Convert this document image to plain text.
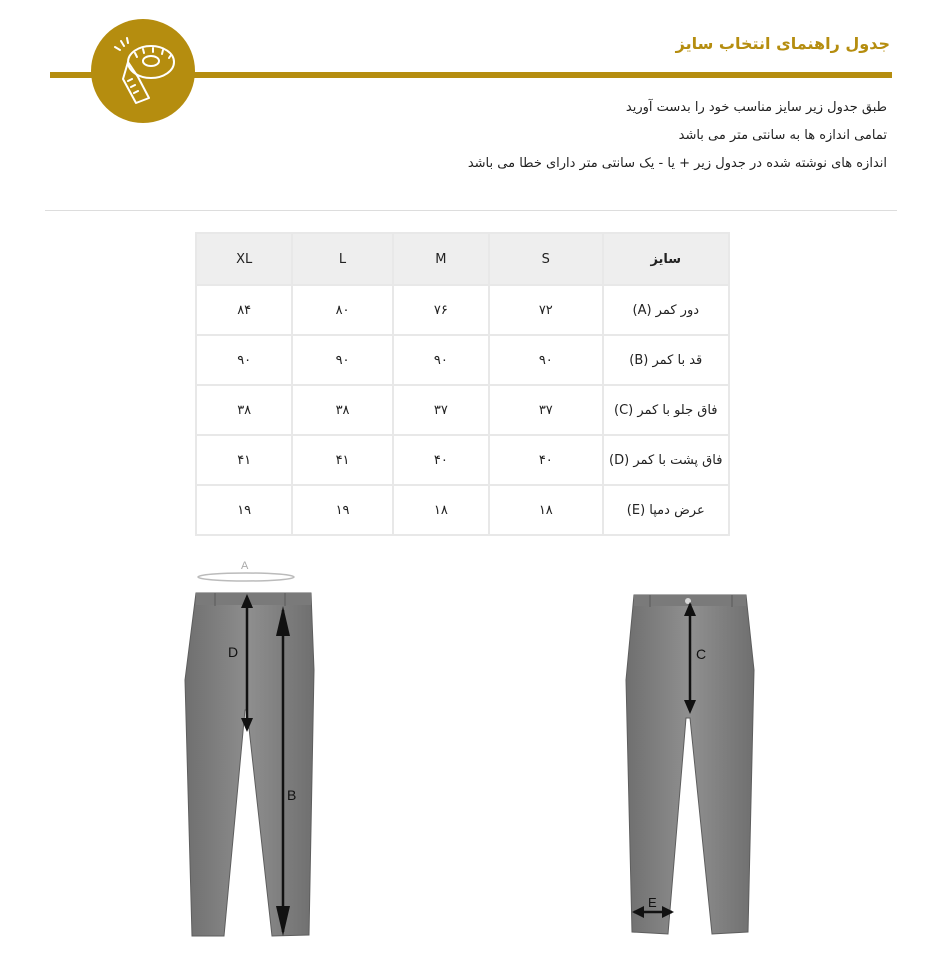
جدول راهنمای انتخاب سایز

طبق جدول زیر سایز مناسب خود را بدست آورید

تمامی اندازه ها به سانتی متر می باشد

اندازه های نوشته شده در جدول زیر + یا - یک سانتی متر دارای خطا می باشد

XL	L	M	S	سایز
۸۴	۸۰	۷۶	۷۲	دور کمر (A)
۹۰	۹۰	۹۰	۹۰	قد با کمر (B)
۳۸	۳۸	۳۷	۳۷	فاق جلو با کمر (C)
۴۱	۴۱	۴۰	۴۰	فاق پشت با کمر (D)
۱۹	۱۹	۱۸	۱۸	عرض دمپا (E)
A
D
B
C
E
